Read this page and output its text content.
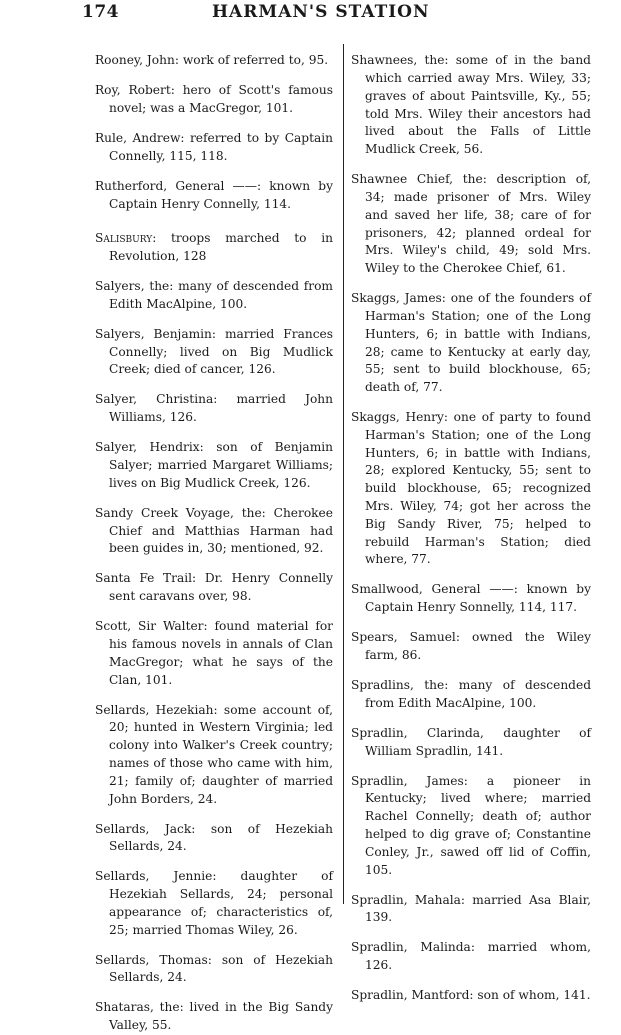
174	HARMAN'S STATION

Rooney, John: work of referred to, 95.

Roy, Robert: hero of Scott's famous novel; was a MacGregor, 101.

Rule, Andrew: referred to by Captain Connelly, 115, 118.

Rutherford, General ——: known by Captain Henry Connelly, 114.

Salisbury: troops marched to in Revolution, 128

Salyers, the: many of descended from Edith MacAlpine, 100.

Salyers, Benjamin: married Frances Connelly; lived on Big Mudlick Creek; died of cancer, 126.

Salyer, Christina: married John Williams, 126.

Salyer, Hendrix: son of Benjamin Salyer; married Margaret Williams; lives on Big Mudlick Creek, 126.

Sandy Creek Voyage, the: Cherokee Chief and Matthias Harman had been guides in, 30; mentioned, 92.

Santa Fe Trail: Dr. Henry Connelly sent caravans over, 98.

Scott, Sir Walter: found material for his famous novels in annals of Clan MacGregor; what he says of the Clan, 101.

Sellards, Hezekiah: some account of, 20; hunted in Western Virginia; led colony into Walker's Creek country; names of those who came with him, 21; family of; daughter of married John Borders, 24.

Sellards, Jack: son of Hezekiah Sellards, 24.

Sellards, Jennie: daughter of Hezekiah Sellards, 24; personal appearance of; characteristics of, 25; married Thomas Wiley, 26.

Sellards, Thomas: son of Hezekiah Sellards, 24.

Shataras, the: lived in the Big Sandy Valley, 55.

Shawnees, the: some of in the band which carried away Mrs. Wiley, 33; graves of about Paintsville, Ky., 55; told Mrs. Wiley their ancestors had lived about the Falls of Little Mudlick Creek, 56.

Shawnee Chief, the: description of, 34; made prisoner of Mrs. Wiley and saved her life, 38; care of for prisoners, 42; planned ordeal for Mrs. Wiley's child, 49; sold Mrs. Wiley to the Cherokee Chief, 61.

Skaggs, James: one of the founders of Harman's Station; one of the Long Hunters, 6; in battle with Indians, 28; came to Kentucky at early day, 55; sent to build blockhouse, 65; death of, 77.

Skaggs, Henry: one of party to found Harman's Station; one of the Long Hunters, 6; in battle with Indians, 28; explored Kentucky, 55; sent to build blockhouse, 65; recognized Mrs. Wiley, 74; got her across the Big Sandy River, 75; helped to rebuild Harman's Station; died where, 77.

Smallwood, General ——: known by Captain Henry Sonnelly, 114, 117.

Spears, Samuel: owned the Wiley farm, 86.

Spradlins, the: many of descended from Edith MacAlpine, 100.

Spradlin, Clarinda, daughter of William Spradlin, 141.

Spradlin, James: a pioneer in Kentucky; lived where; married Rachel Connelly; death of; author helped to dig grave of; Constantine Conley, Jr., sawed off lid of Coffin, 105.

Spradlin, Mahala: married Asa Blair, 139.

Spradlin, Malinda: married whom, 126.

Spradlin, Mantford: son of whom, 141.
